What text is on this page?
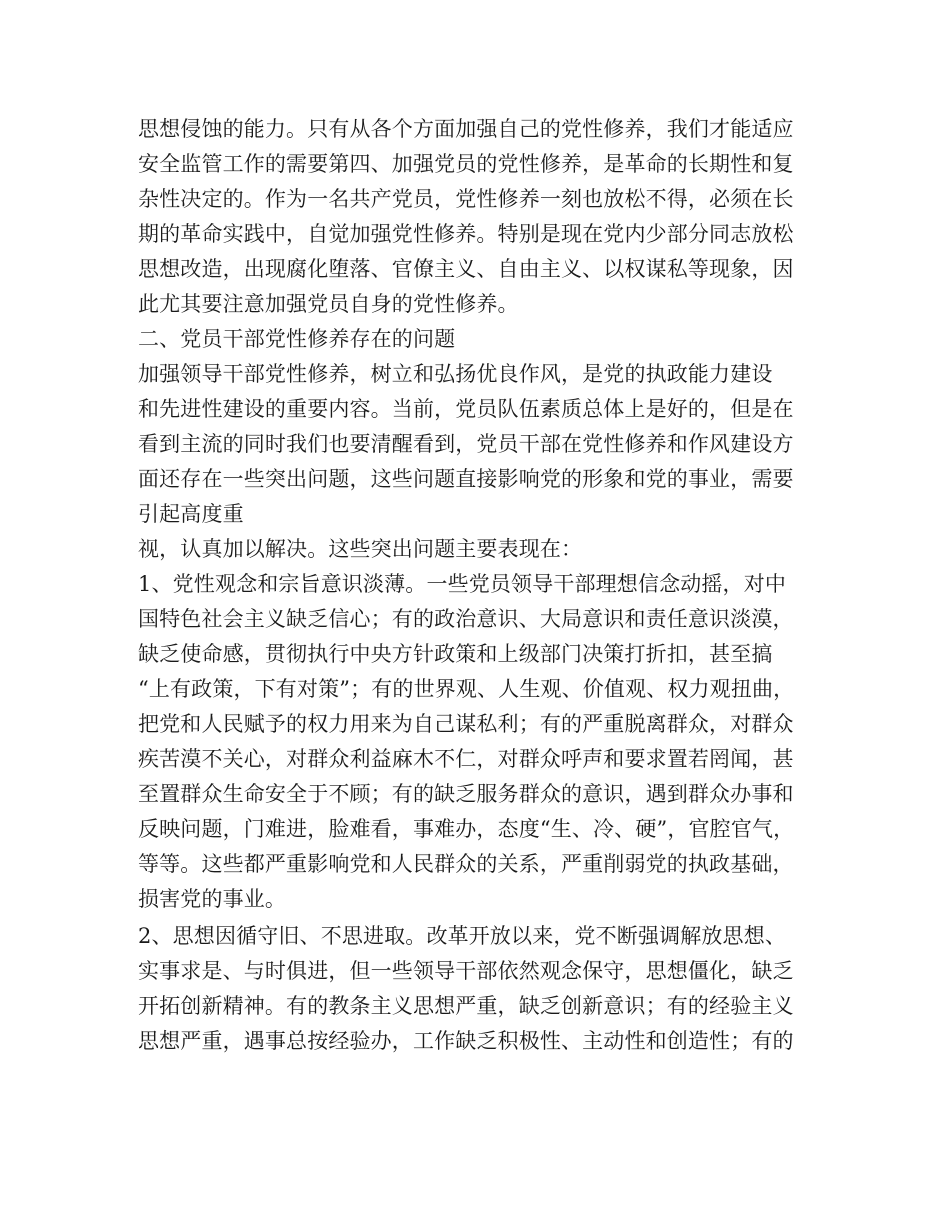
思想侵蚀的能力。只有从各个方面加强自己的党性修养，我们才能适应
安全监管工作的需要第四、加强党员的党性修养，是革命的长期性和复
杂性决定的。作为一名共产党员，党性修养一刻也放松不得，必须在长
期的革命实践中，自觉加强党性修养。特别是现在党内少部分同志放松
思想改造，出现腐化堕落、官僚主义、自由主义、以权谋私等现象，因
此尤其要注意加强党员自身的党性修养。
二、党员干部党性修养存在的问题
加强领导干部党性修养，树立和弘扬优良作风，是党的执政能力建设
和先进性建设的重要内容。当前，党员队伍素质总体上是好的，但是在
看到主流的同时我们也要清醒看到，党员干部在党性修养和作风建设方
面还存在一些突出问题，这些问题直接影响党的形象和党的事业，需要
引起高度重
视，认真加以解决。这些突出问题主要表现在：
1、党性观念和宗旨意识淡薄。一些党员领导干部理想信念动摇，对中
国特色社会主义缺乏信心；有的政治意识、大局意识和责任意识淡漠，
缺乏使命感，贯彻执行中央方针政策和上级部门决策打折扣，甚至搞
“上有政策，下有对策”；有的世界观、人生观、价值观、权力观扭曲，
把党和人民赋予的权力用来为自己谋私利；有的严重脱离群众，对群众
疾苦漠不关心，对群众利益麻木不仁，对群众呼声和要求置若罔闻，甚
至置群众生命安全于不顾；有的缺乏服务群众的意识，遇到群众办事和
反映问题，门难进，脸难看，事难办，态度“生、冷、硬”，官腔官气，
等等。这些都严重影响党和人民群众的关系，严重削弱党的执政基础，
损害党的事业。
2、思想因循守旧、不思进取。改革开放以来，党不断强调解放思想、
实事求是、与时俱进，但一些领导干部依然观念保守，思想僵化，缺乏
开拓创新精神。有的教条主义思想严重，缺乏创新意识；有的经验主义
思想严重，遇事总按经验办，工作缺乏积极性、主动性和创造性；有的
